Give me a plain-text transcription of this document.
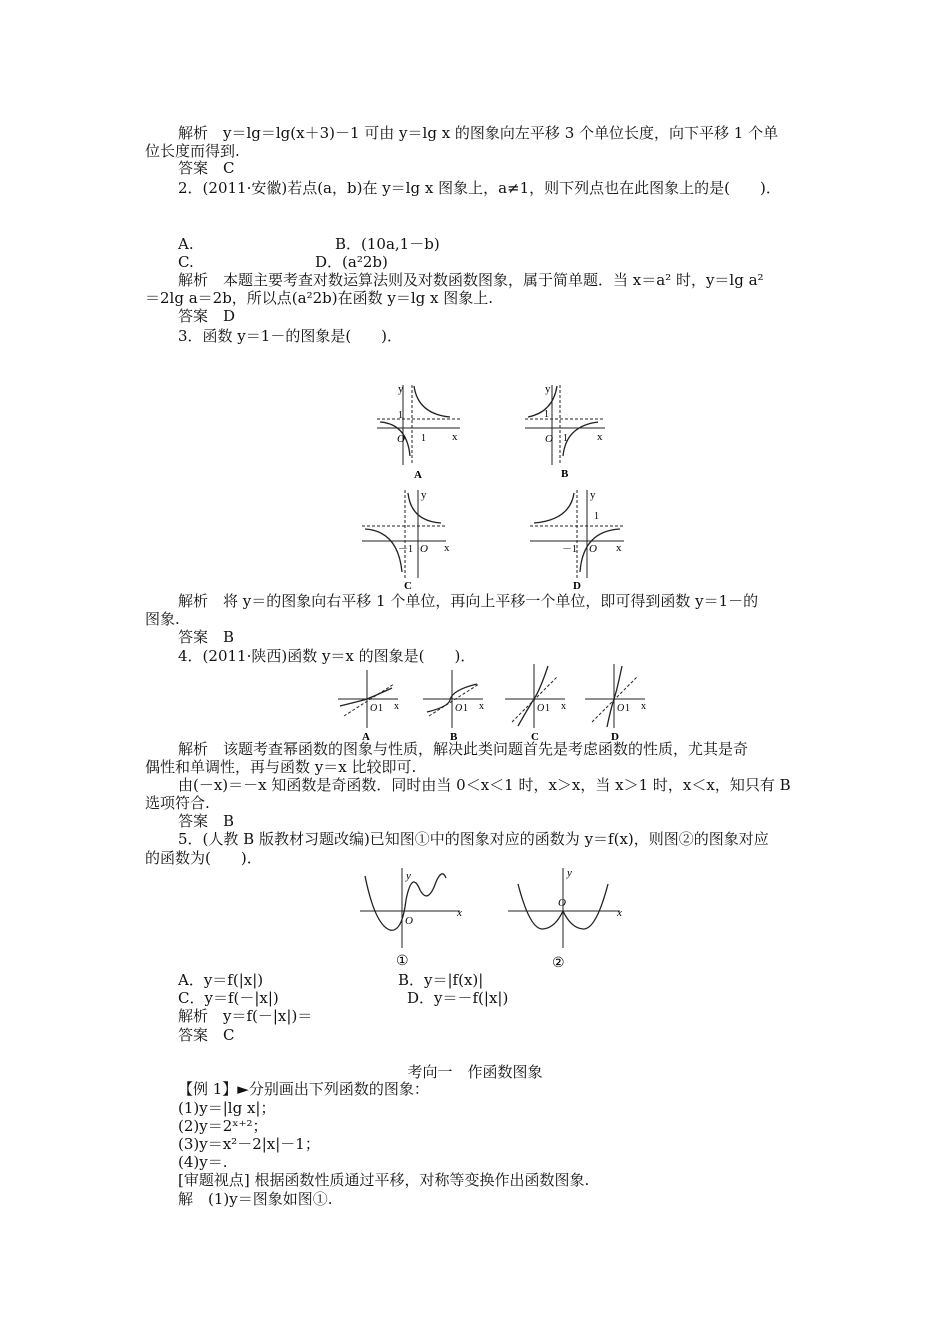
解析　y＝lg＝lg(x＋3)－1 可由 y＝lg x 的图象向左平移 3 个单位长度，向下平移 1 个单
位长度而得到.
答案　C
2．(2011·安徽)若点(a，b)在 y＝lg x 图象上，a≠1，则下列点也在此图象上的是(　　)．
A.	B．(10a,1－b)
C.	D．(a²2b)
解析　本题主要考查对数运算法则及对数函数图象，属于简单题．当 x＝a² 时，y＝lg a²
＝2lg a＝2b，所以点(a²2b)在函数 y＝lg x 图象上.
答案　D
3．函数 y＝1－的图象是(　　)．
y
1
O 1 x
A
y
1
O 1	x
B
y
－1 O x
C
y
1
－1 O x
D
解析　将 y＝的图象向右平移 1 个单位，再向上平移一个单位，即可得到函数 y＝1－的
图象.
答案　B
4．(2011·陕西)函数 y＝x 的图象是(　　)．
O 1 x
A
O 1 x
B
O 1 x
C
O 1 x
D
解析　该题考查幂函数的图象与性质，解决此类问题首先是考虑函数的性质，尤其是奇
偶性和单调性，再与函数 y＝x 比较即可.
由(－x)＝－x 知函数是奇函数．同时由当 0＜x＜1 时，x＞x，当 x＞1 时，x＜x，知只有 B
选项符合.
答案　B
5．(人教 B 版教材习题改编)已知图①中的图象对应的函数为 y＝f(x)，则图②的图象对应
的函数为(　　)．
y
O
x
①
y
O
x
②
A．y＝f(|x|)	B．y＝|f(x)|
C．y＝f(－|x|)	D．y＝－f(|x|)
解析　y＝f(－|x|)＝
答案　C
考向一　作函数图象
【例 1】►分别画出下列函数的图象：
(1)y＝|lg x|；
(2)y＝2ˣ⁺²；
(3)y＝x²－2|x|－1；
(4)y＝.
[审题视点] 根据函数性质通过平移，对称等变换作出函数图象.
解　(1)y＝图象如图①.
